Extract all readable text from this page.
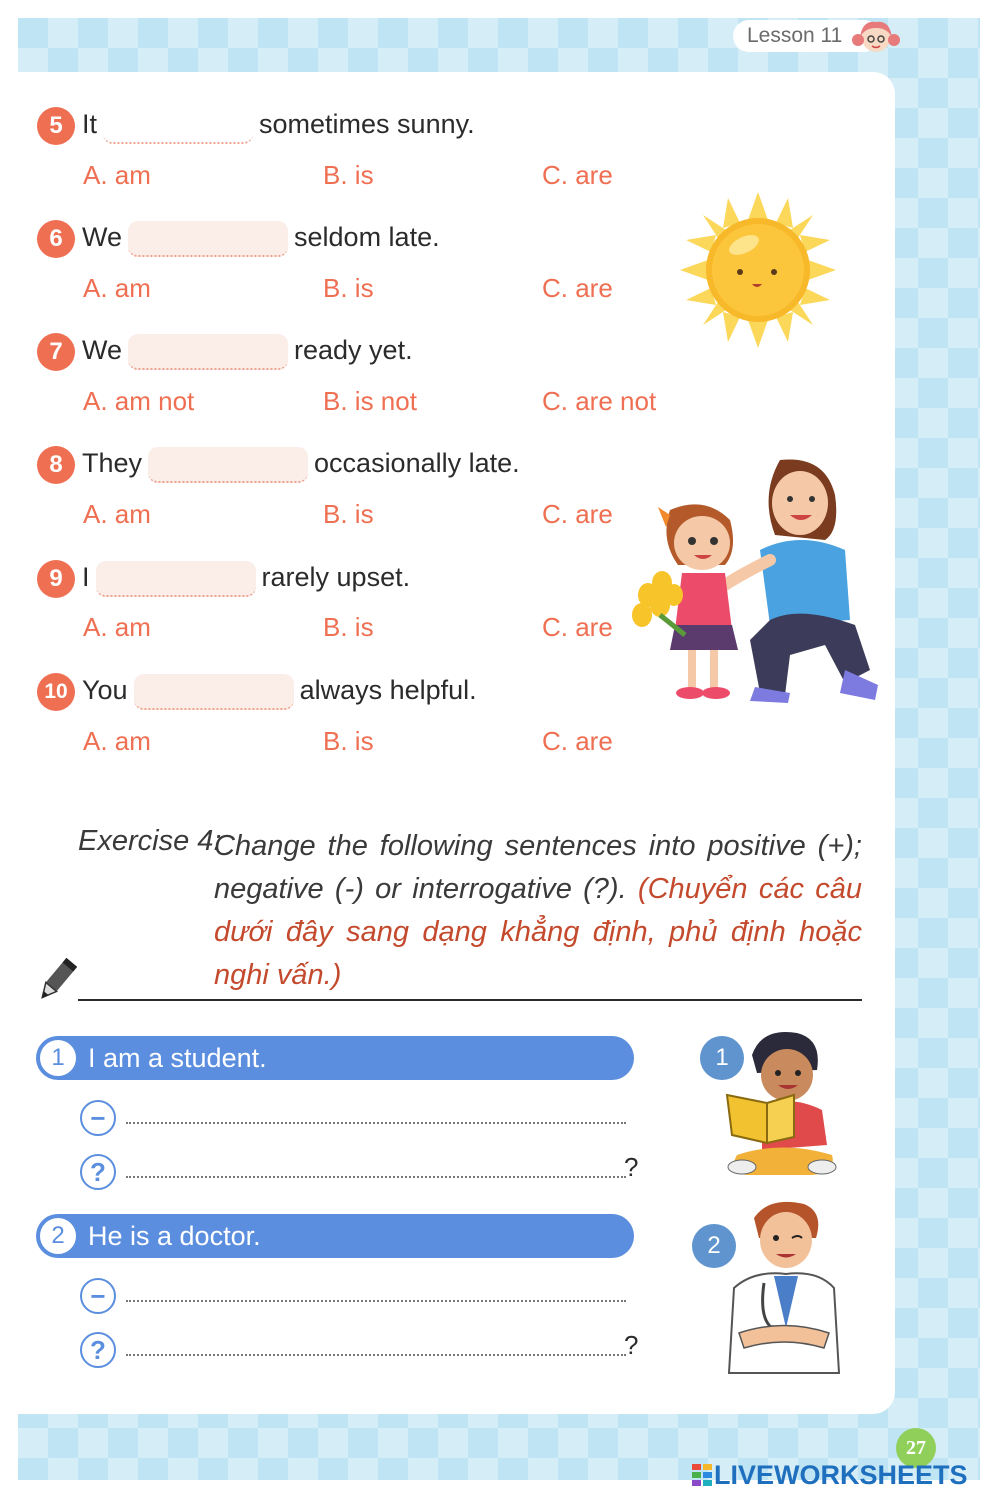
Lesson 11
5 It	sometimes sunny.
A. am	B. is	C. are
6 We	seldom late.
A. am	B. is	C. are
7 We	ready yet.
A. am not	B. is not	C. are not
8 They	occasionally late.
A. am	B. is	C. are
9 I	rarely upset.
A. am	B. is	C. are
10 You	always helpful.
A. am	B. is	C. are
Exercise 4:
Change the following sentences into positive (+); negative (-) or interrogative (?). (Chuyển các câu dưới đây sang dạng khẳng định, phủ định hoặc nghi vấn.)
1 I am a student.
−
?	?
2 He is a doctor.
−
?	?
1
2
27
LIVEWORKSHEETS
